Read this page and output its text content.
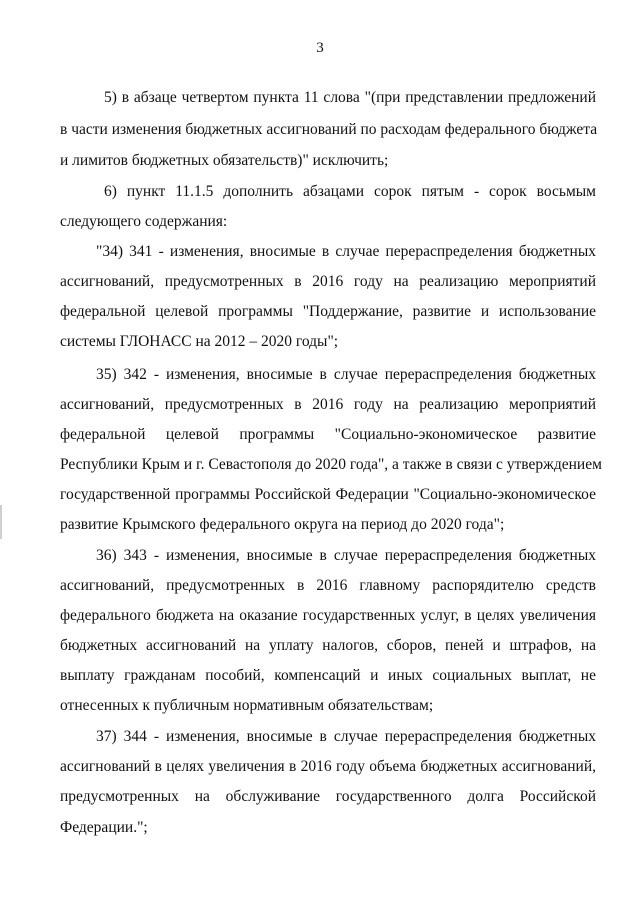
3
5) в абзаце четвертом пункта 11 слова "(при представлении предложений
в части изменения бюджетных ассигнований по расходам федерального бюджета
и лимитов бюджетных обязательств)" исключить;
6) пункт 11.1.5 дополнить абзацами сорок пятым - сорок восьмым
следующего содержания:
"34) 341 - изменения, вносимые в случае перераспределения бюджетных
ассигнований, предусмотренных в 2016 году на реализацию мероприятий
федеральной целевой программы "Поддержание, развитие и использование
системы ГЛОНАСС на 2012 – 2020 годы";
35) 342 - изменения, вносимые в случае перераспределения бюджетных
ассигнований, предусмотренных в 2016 году на реализацию мероприятий
федеральной целевой программы "Социально-экономическое развитие
Республики Крым и г. Севастополя до 2020 года", а также в связи с утверждением
государственной программы Российской Федерации "Социально-экономическое
развитие Крымского федерального округа на период до 2020 года";
36) 343 - изменения, вносимые в случае перераспределения бюджетных
ассигнований, предусмотренных в 2016 главному распорядителю средств
федерального бюджета на оказание государственных услуг, в целях увеличения
бюджетных ассигнований на уплату налогов, сборов, пеней и штрафов, на
выплату гражданам пособий, компенсаций и иных социальных выплат, не
отнесенных к публичным нормативным обязательствам;
37) 344 - изменения, вносимые в случае перераспределения бюджетных
ассигнований в целях увеличения в 2016 году объема бюджетных ассигнований,
предусмотренных на обслуживание государственного долга Российской
Федерации.";
